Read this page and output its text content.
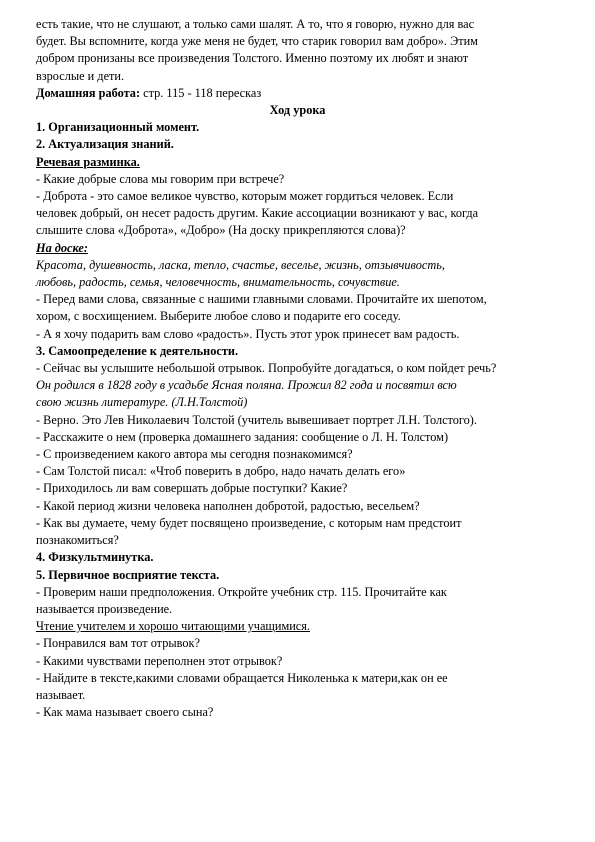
есть такие, что не слушают, а только сами шалят. А то, что я говорю, нужно для вас

будет. Вы вспомните, когда уже меня не будет, что старик говорил вам добро». Этим

добром пронизаны все произведения Толстого. Именно поэтому их любят и знают

взрослые и дети.

Домашняя работа: стр. 115 - 118 пересказ

Ход урока

1. Организационный момент.

2. Актуализация знаний.

Речевая разминка.

- Какие добрые слова мы говорим при встрече?

- Доброта - это самое великое чувство, которым может гордиться человек. Если

человек добрый, он несет радость другим. Какие ассоциации возникают у вас, когда

слышите слова «Доброта», «Добро» (На доску прикрепляются слова)?

На доске:

Красота, душевность, ласка, тепло, счастье, веселье, жизнь, отзывчивость,

любовь, радость, семья, человечность, внимательность, сочувствие.

- Перед вами слова, связанные с нашими главными словами. Прочитайте их шепотом,

хором, с восхищением. Выберите любое слово и подарите его соседу.

- А я хочу подарить вам слово «радость». Пусть этот урок принесет вам радость.

3. Самоопределение к деятельности.

- Сейчас вы услышите небольшой отрывок. Попробуйте догадаться, о ком пойдет речь?

Он родился в 1828 году в усадьбе Ясная поляна. Прожил 82 года и посвятил всю

свою жизнь литературе. (Л.Н.Толстой)

- Верно. Это Лев Николаевич Толстой (учитель вывешивает портрет Л.Н. Толстого).

- Расскажите о нем (проверка домашнего задания: сообщение о Л. Н. Толстом)

- С произведением какого автора мы сегодня познакомимся?

- Сам Толстой писал: «Чтоб поверить в добро, надо начать делать его»

- Приходилось ли вам совершать добрые поступки? Какие?

- Какой период жизни человека наполнен добротой, радостью, весельем?

- Как вы думаете, чему будет посвящено произведение, с которым нам предстоит

познакомиться?

4. Физкультминутка.

5. Первичное восприятие текста.

- Проверим наши предположения. Откройте учебник стр. 115. Прочитайте как

называется произведение.

Чтение учителем и хорошо читающими учащимися.

- Понравился вам тот отрывок?

- Какими чувствами переполнен этот отрывок?

- Найдите в тексте,какими словами обращается Николенька к матери,как он ее

называет.

- Как мама называет своего сына?
